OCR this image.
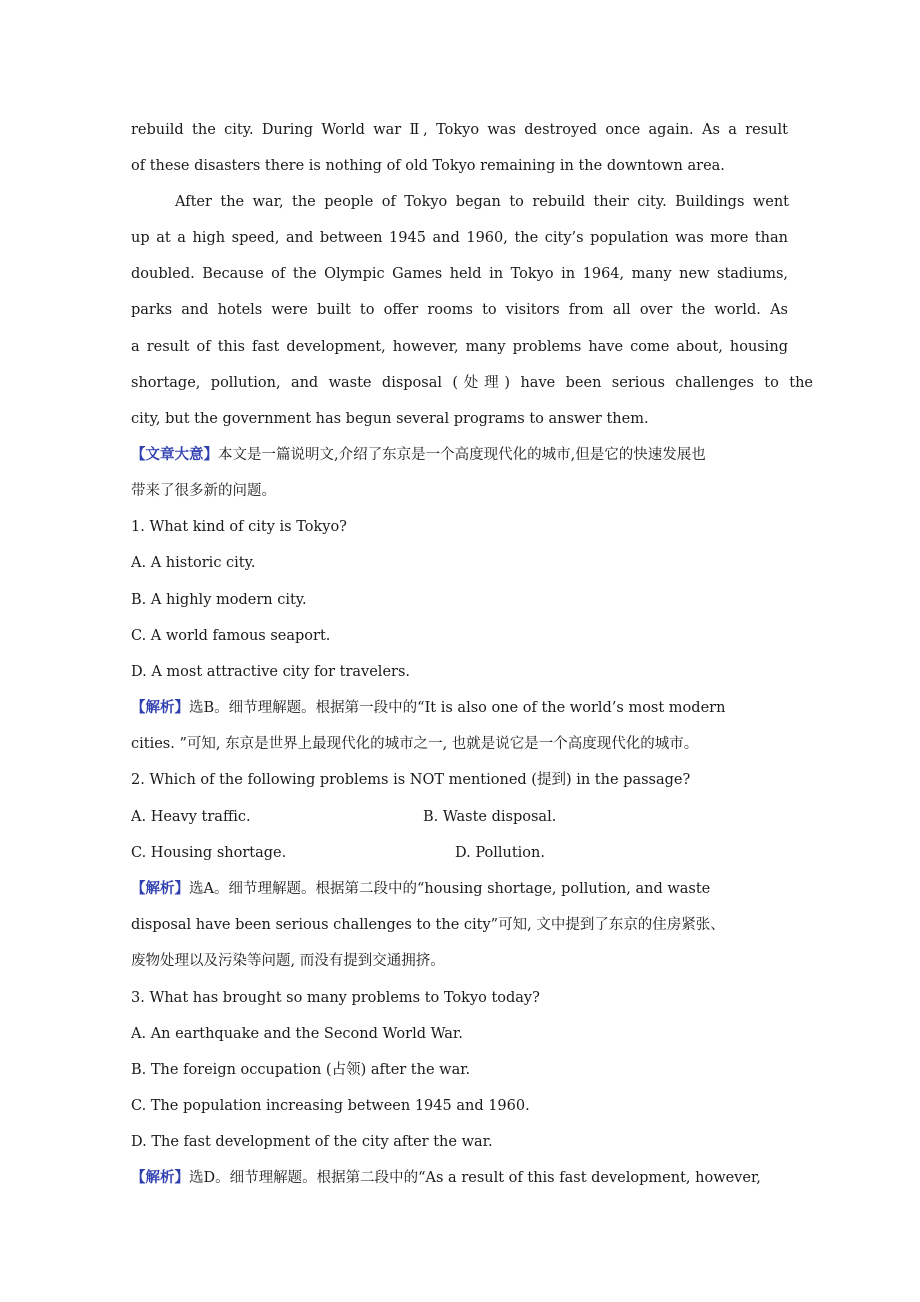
rebuild the city. During World war Ⅱ, Tokyo was destroyed once again. As a result
of these disasters there is nothing of old Tokyo remaining in the downtown area.
After the war, the people of Tokyo began to rebuild their city. Buildings went
up at a high speed, and between 1945 and 1960, the city’s population was more than
doubled. Because of the Olympic Games held in Tokyo in 1964, many new stadiums,
parks and hotels were built to offer rooms to visitors from all over the world. As
a result of this fast development, however, many problems have come about, housing
shortage, pollution, and waste disposal (处理) have been serious challenges to the
city, but the government has begun several programs to answer them.
【文章大意】本文是一篇说明文,介绍了东京是一个高度现代化的城市,但是它的快速发展也
带来了很多新的问题。
1. What kind of city is Tokyo?
A. A historic city.
B. A highly modern city.
C. A world famous seaport.
D. A most attractive city for travelers.
【解析】选B。细节理解题。根据第一段中的“It is also one of the world’s most modern
cities. ”可知, 东京是世界上最现代化的城市之一, 也就是说它是一个高度现代化的城市。
2. Which of the following problems is NOT mentioned (提到) in the passage?
A. Heavy traffic.	B. Waste disposal.
C. Housing shortage.	D. Pollution.
【解析】选A。细节理解题。根据第二段中的“housing shortage, pollution, and waste
disposal have been serious challenges to the city”可知, 文中提到了东京的住房紧张、
废物处理以及污染等问题, 而没有提到交通拥挤。
3. What has brought so many problems to Tokyo today?
A. An earthquake and the Second World War.
B. The foreign occupation (占领) after the war.
C. The population increasing between 1945 and 1960.
D. The fast development of the city after the war.
【解析】选D。细节理解题。根据第二段中的“As a result of this fast development, however,
